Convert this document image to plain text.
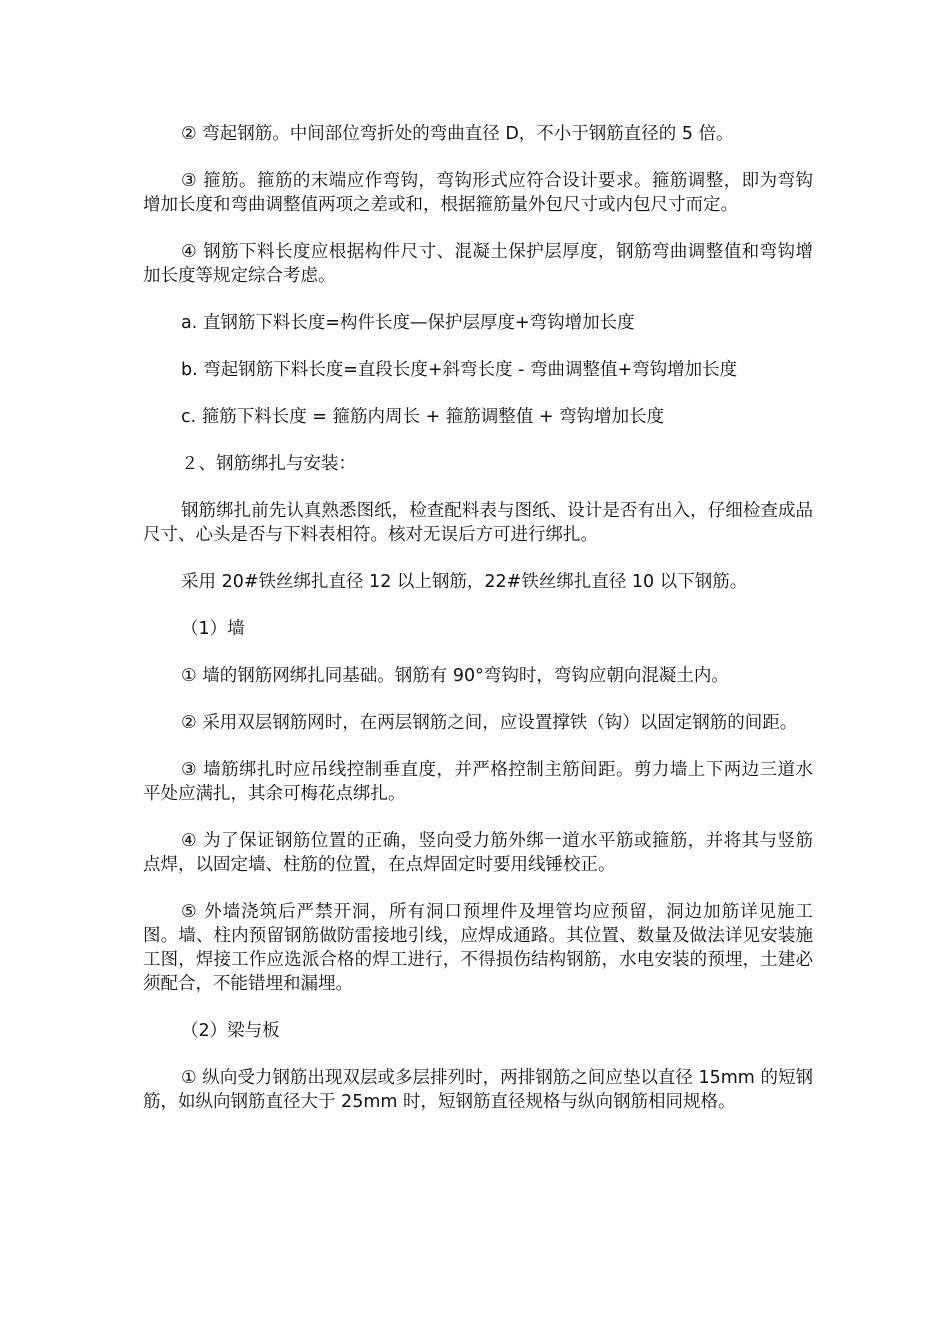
② 弯起钢筋。中间部位弯折处的弯曲直径 D，不小于钢筋直径的 5 倍。

③ 箍筋。箍筋的末端应作弯钩，弯钩形式应符合设计要求。箍筋调整，即为弯钩增加长度和弯曲调整值两项之差或和，根据箍筋量外包尺寸或内包尺寸而定。

④ 钢筋下料长度应根据构件尺寸、混凝土保护层厚度，钢筋弯曲调整值和弯钩增加长度等规定综合考虑。

a. 直钢筋下料长度=构件长度—保护层厚度+弯钩增加长度

b. 弯起钢筋下料长度=直段长度+斜弯长度 - 弯曲调整值+弯钩增加长度

c. 箍筋下料长度 = 箍筋内周长 + 箍筋调整值 + 弯钩增加长度

２、钢筋绑扎与安装：

钢筋绑扎前先认真熟悉图纸，检查配料表与图纸、设计是否有出入，仔细检查成品尺寸、心头是否与下料表相符。核对无误后方可进行绑扎。

采用 20#铁丝绑扎直径 12 以上钢筋，22#铁丝绑扎直径 10 以下钢筋。

（1）墙

① 墙的钢筋网绑扎同基础。钢筋有 90°弯钩时，弯钩应朝向混凝土内。

② 采用双层钢筋网时，在两层钢筋之间，应设置撑铁（钩）以固定钢筋的间距。

③ 墙筋绑扎时应吊线控制垂直度，并严格控制主筋间距。剪力墙上下两边三道水平处应满扎，其余可梅花点绑扎。

④ 为了保证钢筋位置的正确，竖向受力筋外绑一道水平筋或箍筋，并将其与竖筋点焊，以固定墙、柱筋的位置，在点焊固定时要用线锤校正。

⑤ 外墙浇筑后严禁开洞，所有洞口预埋件及埋管均应预留，洞边加筋详见施工图。墙、柱内预留钢筋做防雷接地引线，应焊成通路。其位置、数量及做法详见安装施工图，焊接工作应选派合格的焊工进行，不得损伤结构钢筋，水电安装的预埋，土建必须配合，不能错埋和漏埋。

（2）梁与板

① 纵向受力钢筋出现双层或多层排列时，两排钢筋之间应垫以直径 15mm 的短钢筋，如纵向钢筋直径大于 25mm 时，短钢筋直径规格与纵向钢筋相同规格。
